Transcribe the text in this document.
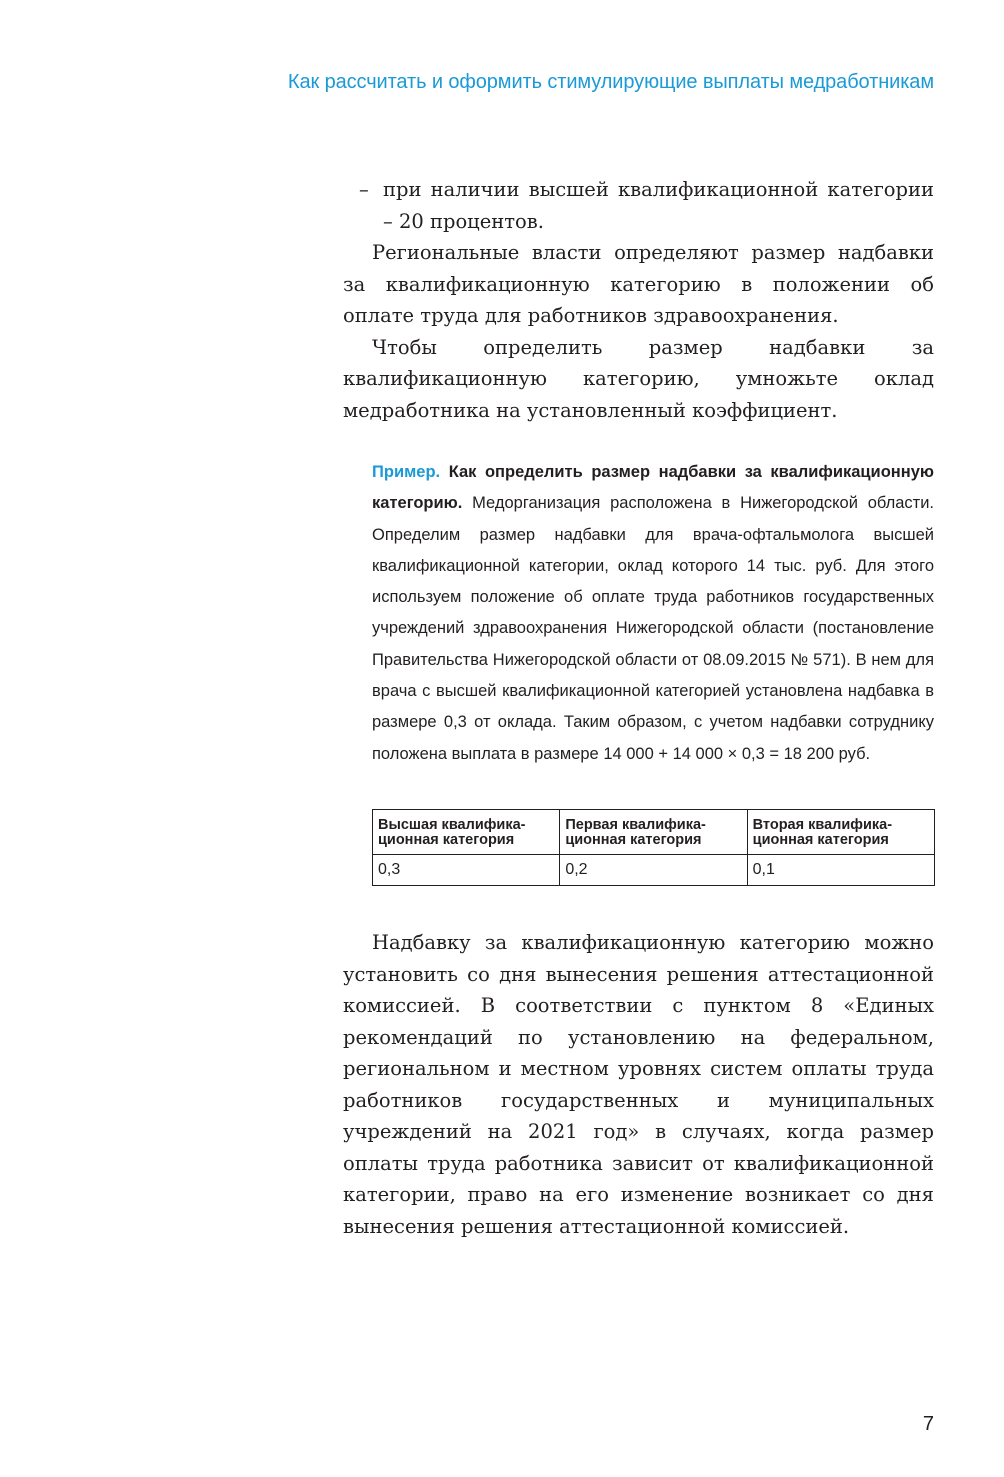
Как рассчитать и оформить стимулирующие выплаты медработникам
– при наличии высшей квалификационной категории – 20 процентов.

Региональные власти определяют размер надбавки за квалификационную категорию в положении об оплате труда для работников здравоохранения.

Чтобы определить размер надбавки за квалификационную категорию, умножьте оклад медработника на установленный коэффициент.

Пример. Как определить размер надбавки за квалификационную категорию. Медорганизация расположена в Нижегородской области. Определим размер надбавки для врача-офтальмолога высшей квалификационной категории, оклад которого 14 тыс. руб. Для этого используем положение об оплате труда работников государственных учреждений здравоохранения Нижегородской области (постановление Правительства Нижегородской области от 08.09.2015 № 571). В нем для врача с высшей квалификационной категорией установлена надбавка в размере 0,3 от оклада. Таким образом, с учетом надбавки сотруднику положена выплата в размере 14 000 + 14 000 × 0,3 = 18 200 руб.
Высшая квалифика-ционная категория	Первая квалифика-ционная категория	Вторая квалифика-ционная категория
0,3	0,2	0,1

Надбавку за квалификационную категорию можно установить со дня вынесения решения аттестационной комиссией. В соответствии с пунктом 8 «Единых рекомендаций по установлению на федеральном, региональном и местном уровнях систем оплаты труда работников государственных и муниципальных учреждений на 2021 год» в случаях, когда размер оплаты труда работника зависит от квалификационной категории, право на его изменение возникает со дня вынесения решения аттестационной комиссией.

7
